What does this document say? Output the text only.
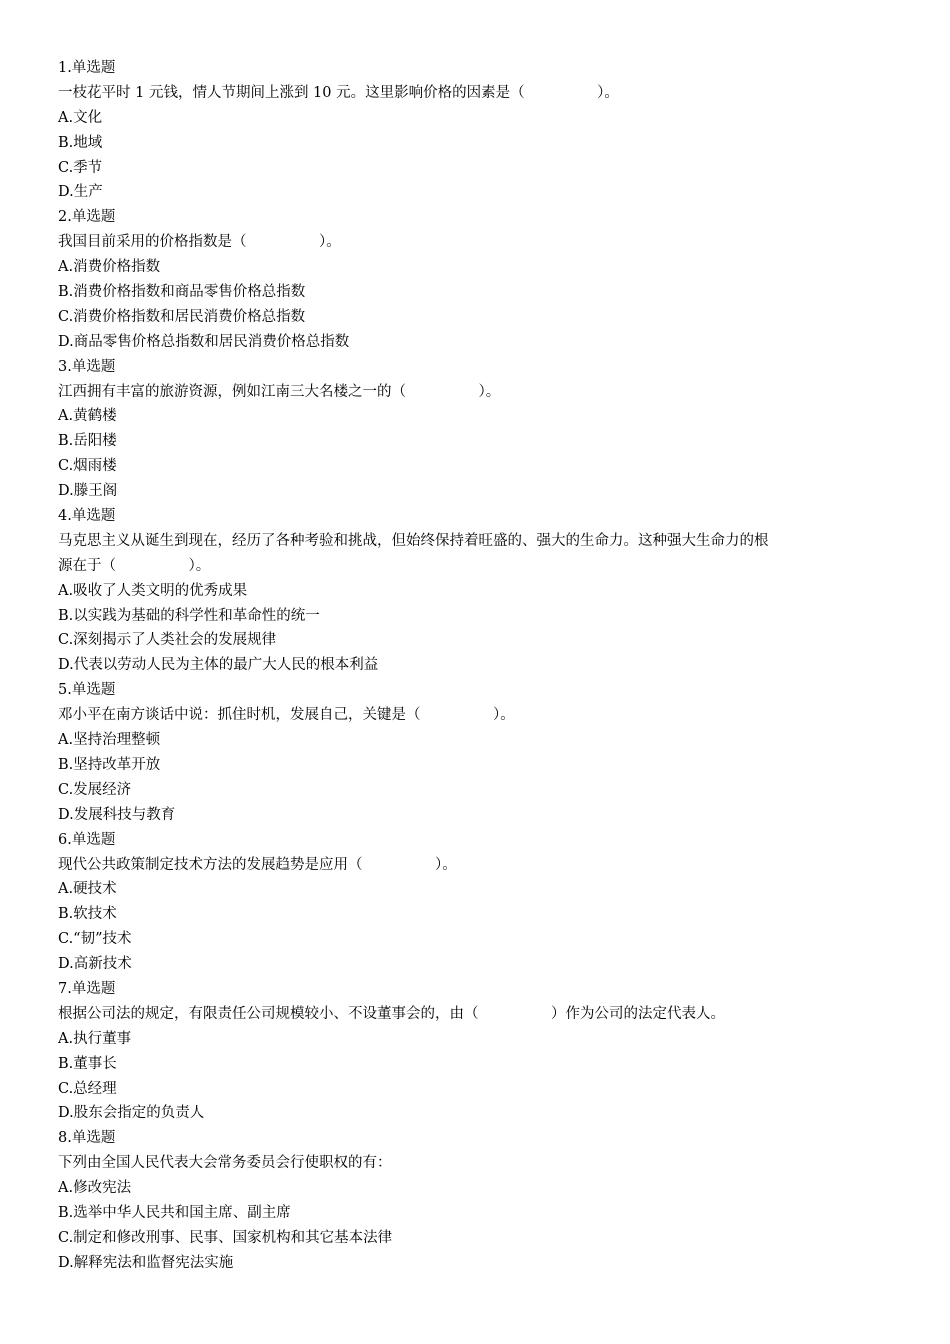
1.单选题
一枝花平时 1 元钱，情人节期间上涨到 10 元。这里影响价格的因素是（　　　　　）。
A.文化
B.地域
C.季节
D.生产
2.单选题
我国目前采用的价格指数是（　　　　　）。
A.消费价格指数
B.消费价格指数和商品零售价格总指数
C.消费价格指数和居民消费价格总指数
D.商品零售价格总指数和居民消费价格总指数
3.单选题
江西拥有丰富的旅游资源，例如江南三大名楼之一的（　　　　　）。
A.黄鹤楼
B.岳阳楼
C.烟雨楼
D.滕王阁
4.单选题
马克思主义从诞生到现在，经历了各种考验和挑战，但始终保持着旺盛的、强大的生命力。这种强大生命力的根
源在于（　　　　　）。
A.吸收了人类文明的优秀成果
B.以实践为基础的科学性和革命性的统一
C.深刻揭示了人类社会的发展规律
D.代表以劳动人民为主体的最广大人民的根本利益
5.单选题
邓小平在南方谈话中说：抓住时机，发展自己，关键是（　　　　　）。
A.坚持治理整顿
B.坚持改革开放
C.发展经济
D.发展科技与教育
6.单选题
现代公共政策制定技术方法的发展趋势是应用（　　　　　）。
A.硬技术
B.软技术
C.“韧”技术
D.高新技术
7.单选题
根据公司法的规定，有限责任公司规模较小、不设董事会的，由（　　　　　）作为公司的法定代表人。
A.执行董事
B.董事长
C.总经理
D.股东会指定的负责人
8.单选题
下列由全国人民代表大会常务委员会行使职权的有：
A.修改宪法
B.选举中华人民共和国主席、副主席
C.制定和修改刑事、民事、国家机构和其它基本法律
D.解释宪法和监督宪法实施
